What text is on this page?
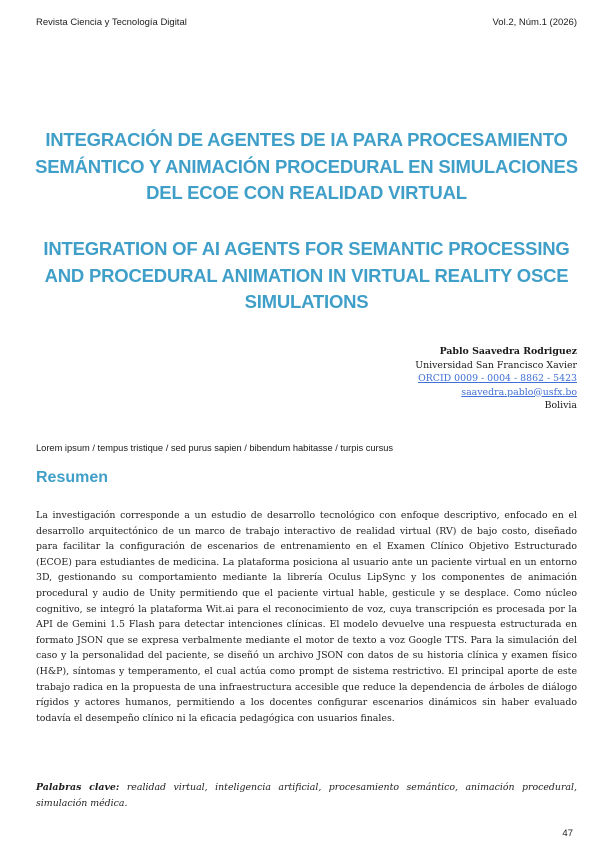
Revista Ciencia y Tecnología Digital	Vol.2, Núm.1 (2026)
INTEGRACIÓN DE AGENTES DE IA PARA PROCESAMIENTO SEMÁNTICO Y ANIMACIÓN PROCEDURAL EN SIMULACIONES DEL ECOE CON REALIDAD VIRTUAL
INTEGRATION OF AI AGENTS FOR SEMANTIC PROCESSING AND PROCEDURAL ANIMATION IN VIRTUAL REALITY OSCE SIMULATIONS
Pablo Saavedra Rodriguez
Universidad San Francisco Xavier
ORCID 0009 - 0004 - 8862 - 5423
saavedra.pablo@usfx.bo
Bolivia
Lorem ipsum / tempus tristique / sed purus sapien / bibendum habitasse / turpis cursus
Resumen

La investigación corresponde a un estudio de desarrollo tecnológico con enfoque descriptivo, enfocado en el desarrollo arquitectónico de un marco de trabajo interactivo de realidad virtual (RV) de bajo costo, diseñado para facilitar la configuración de escenarios de entrenamiento en el Examen Clínico Objetivo Estructurado (ECOE) para estudiantes de medicina. La plataforma posiciona al usuario ante un paciente virtual en un entorno 3D, gestionando su comportamiento mediante la librería Oculus LipSync y los componentes de animación procedural y audio de Unity permitiendo que el paciente virtual hable, gesticule y se desplace. Como núcleo cognitivo, se integró la plataforma Wit.ai para el reconocimiento de voz, cuya transcripción es procesada por la API de Gemini 1.5 Flash para detectar intenciones clínicas. El modelo devuelve una respuesta estructurada en formato JSON que se expresa verbalmente mediante el motor de texto a voz Google TTS. Para la simulación del caso y la personalidad del paciente, se diseñó un archivo JSON con datos de su historia clínica y examen físico (H&P), síntomas y temperamento, el cual actúa como prompt de sistema restrictivo. El principal aporte de este trabajo radica en la propuesta de una infraestructura accesible que reduce la dependencia de árboles de diálogo rígidos y actores humanos, permitiendo a los docentes configurar escenarios dinámicos sin haber evaluado todavía el desempeño clínico ni la eficacia pedagógica con usuarios finales.

Palabras clave: realidad virtual, inteligencia artificial, procesamiento semántico, animación procedural, simulación médica.

47
